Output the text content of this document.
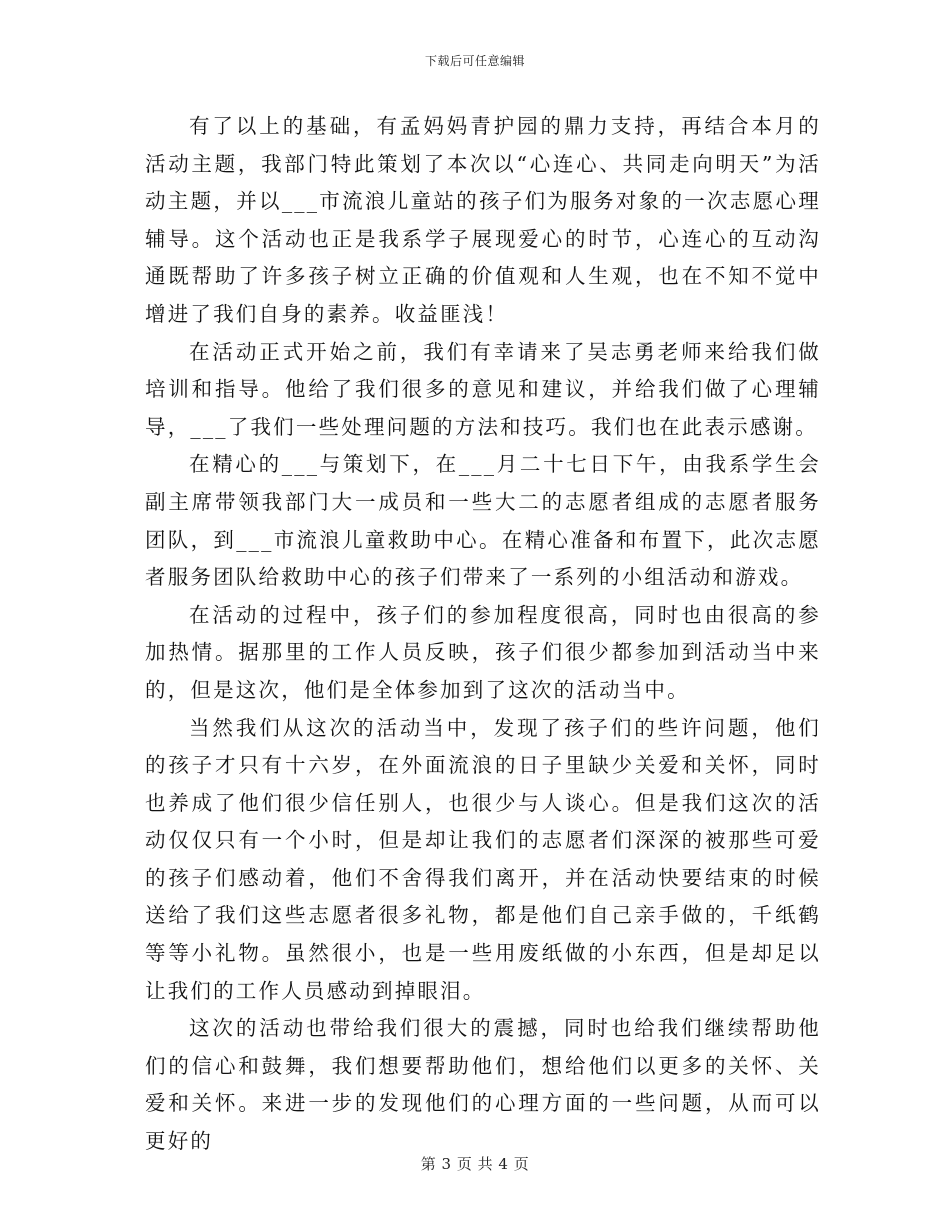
下载后可任意编辑

有了以上的基础，有孟妈妈青护园的鼎力支持，再结合本月的活动主题，我部门特此策划了本次以“心连心、共同走向明天”为活动主题，并以___市流浪儿童站的孩子们为服务对象的一次志愿心理辅导。这个活动也正是我系学子展现爱心的时节，心连心的互动沟通既帮助了许多孩子树立正确的价值观和人生观，也在不知不觉中增进了我们自身的素养。收益匪浅！

在活动正式开始之前，我们有幸请来了吴志勇老师来给我们做培训和指导。他给了我们很多的意见和建议，并给我们做了心理辅导，___了我们一些处理问题的方法和技巧。我们也在此表示感谢。

在精心的___与策划下，在___月二十七日下午，由我系学生会副主席带领我部门大一成员和一些大二的志愿者组成的志愿者服务团队，到___市流浪儿童救助中心。在精心准备和布置下，此次志愿者服务团队给救助中心的孩子们带来了一系列的小组活动和游戏。

在活动的过程中，孩子们的参加程度很高，同时也由很高的参加热情。据那里的工作人员反映，孩子们很少都参加到活动当中来的，但是这次，他们是全体参加到了这次的活动当中。

当然我们从这次的活动当中，发现了孩子们的些许问题，他们的孩子才只有十六岁，在外面流浪的日子里缺少关爱和关怀，同时也养成了他们很少信任别人，也很少与人谈心。但是我们这次的活动仅仅只有一个小时，但是却让我们的志愿者们深深的被那些可爱的孩子们感动着，他们不舍得我们离开，并在活动快要结束的时候送给了我们这些志愿者很多礼物，都是他们自己亲手做的，千纸鹤等等小礼物。虽然很小，也是一些用废纸做的小东西，但是却足以让我们的工作人员感动到掉眼泪。

这次的活动也带给我们很大的震撼，同时也给我们继续帮助他们的信心和鼓舞，我们想要帮助他们，想给他们以更多的关怀、关爱和关怀。来进一步的发现他们的心理方面的一些问题，从而可以更好的

第 3 页 共 4 页
